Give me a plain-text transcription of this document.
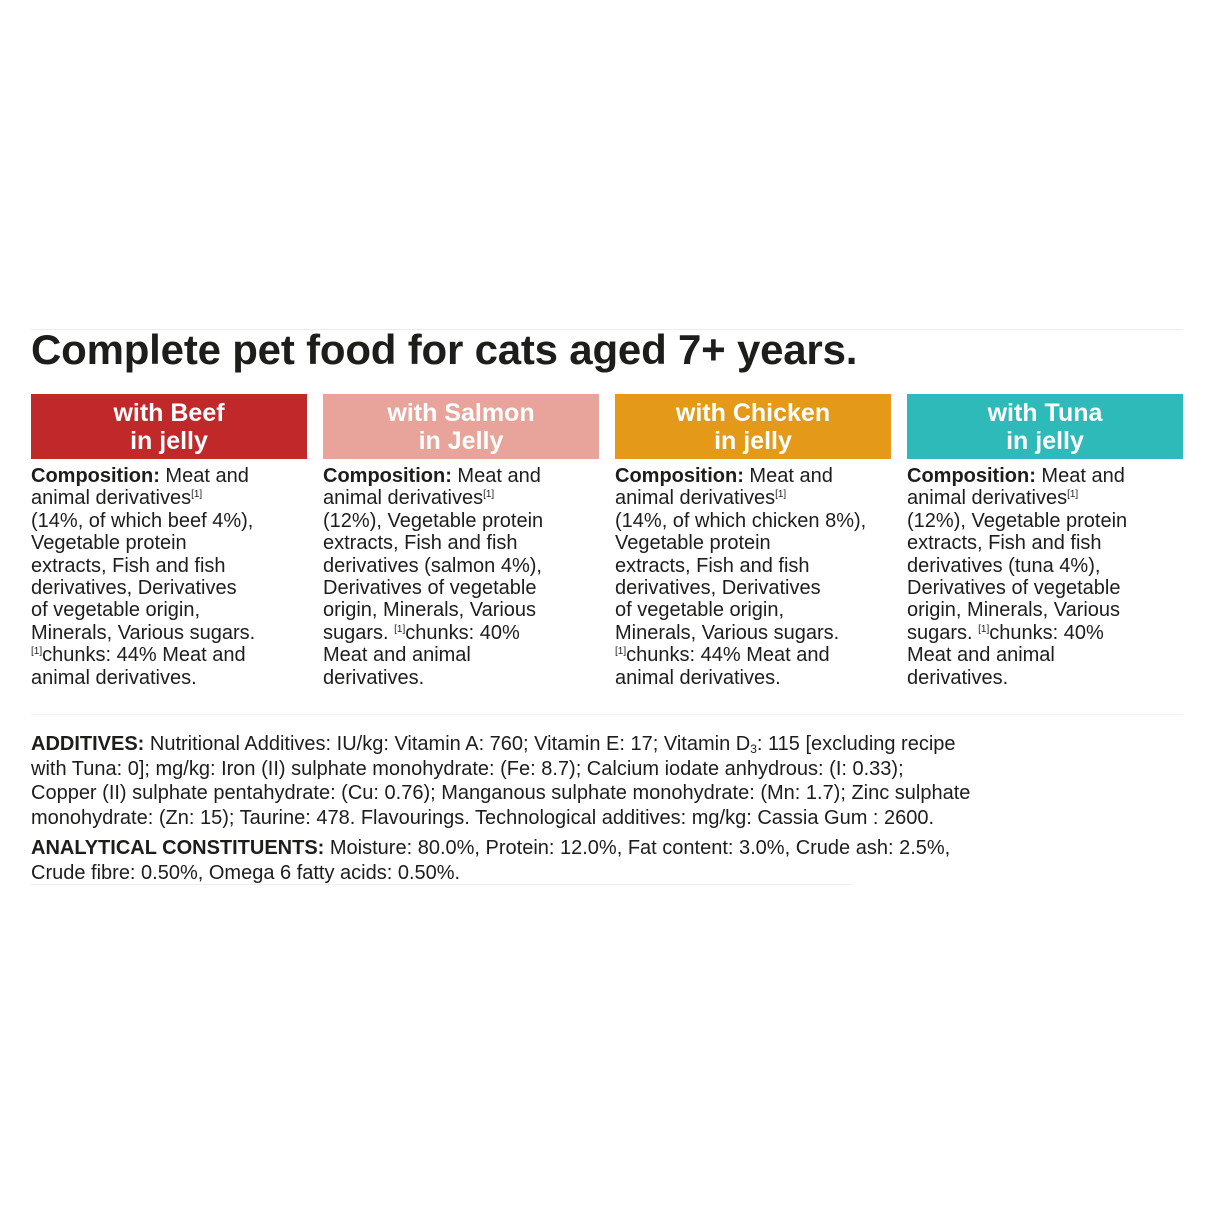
Complete pet food for cats aged 7+ years.
with Beef
in jelly
Composition: Meat and
animal derivatives[1]
(14%, of which beef 4%),
Vegetable protein
extracts, Fish and fish
derivatives, Derivatives
of vegetable origin,
Minerals, Various sugars.
[1]chunks: 44% Meat and
animal derivatives.
with Salmon
in Jelly
Composition: Meat and
animal derivatives[1]
(12%), Vegetable protein
extracts, Fish and fish
derivatives (salmon 4%),
Derivatives of vegetable
origin, Minerals, Various
sugars. [1]chunks: 40%
Meat and animal
derivatives.
with Chicken
in jelly
Composition: Meat and
animal derivatives[1]
(14%, of which chicken 8%),
Vegetable protein
extracts, Fish and fish
derivatives, Derivatives
of vegetable origin,
Minerals, Various sugars.
[1]chunks: 44% Meat and
animal derivatives.
with Tuna
in jelly
Composition: Meat and
animal derivatives[1]
(12%), Vegetable protein
extracts, Fish and fish
derivatives (tuna 4%),
Derivatives of vegetable
origin, Minerals, Various
sugars. [1]chunks: 40%
Meat and animal
derivatives.
ADDITIVES: Nutritional Additives: IU/kg: Vitamin A: 760; Vitamin E: 17; Vitamin $D_3$: 115 [excluding recipe
with Tuna: 0]; mg/kg: Iron (II) sulphate monohydrate: (Fe: 8.7); Calcium iodate anhydrous: (I: 0.33);
Copper (II) sulphate pentahydrate: (Cu: 0.76); Manganous sulphate monohydrate: (Mn: 1.7); Zinc sulphate
monohydrate: (Zn: 15); Taurine: 478. Flavourings. Technological additives: mg/kg: Cassia Gum : 2600.
ANALYTICAL CONSTITUENTS: Moisture: 80.0%, Protein: 12.0%, Fat content: 3.0%, Crude ash: 2.5%,
Crude fibre: 0.50%, Omega 6 fatty acids: 0.50%.
